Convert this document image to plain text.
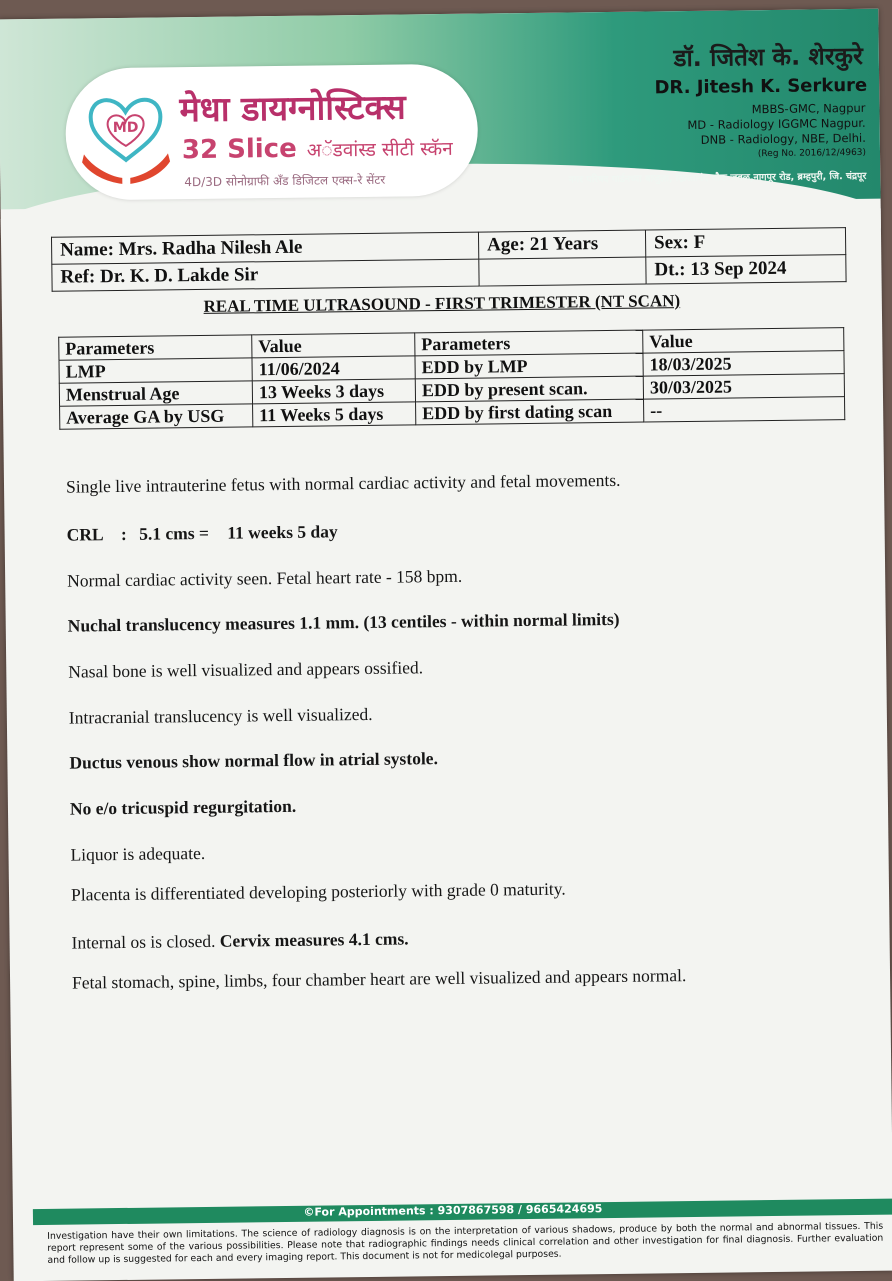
MD मेधा डायग्नोस्टिक्स
32 Slice अॅडवांस्ड सीटी स्कॅन
4D/3D सोनोग्राफी अँड डिजिटल एक्स-रे सेंटर
डॉ. जितेश के. शेरकुरे
DR. Jitesh K. Serkure
MBBS-GMC, Nagpur
MD - Radiology IGGMC Nagpur.
DNB - Radiology, NBE, Delhi.
(Reg No. 2016/12/4963)
नगर परिषद गार्डनच्या बाजुला, ख्रिस्तानंद चौक जवळ,नागपूर रोड, ब्रम्हपुरी, जि. चंद्रपूर
Name: Mrs. Radha Nilesh Ale	Age: 21 Years	Sex: F
Ref: Dr. K. D. Lakde Sir		Dt.: 13 Sep 2024
REAL TIME ULTRASOUND - FIRST TRIMESTER (NT SCAN)
Parameters	Value	Parameters	Value
LMP	11/06/2024	EDD by LMP	18/03/2025
Menstrual Age	13 Weeks 3 days	EDD by present scan.	30/03/2025
Average GA by USG	11 Weeks 5 days	EDD by first dating scan	--

Single live intrauterine fetus with normal cardiac activity and fetal movements.

CRL : 5.1 cms = 11 weeks 5 day

Normal cardiac activity seen. Fetal heart rate - 158 bpm.

Nuchal translucency measures 1.1 mm. (13 centiles - within normal limits)

Nasal bone is well visualized and appears ossified.

Intracranial translucency is well visualized.

Ductus venous show normal flow in atrial systole.

No e/o tricuspid regurgitation.

Liquor is adequate.

Placenta is differentiated developing posteriorly with grade 0 maturity.

Internal os is closed. Cervix measures 4.1 cms.

Fetal stomach, spine, limbs, four chamber heart are well visualized and appears normal.

©For Appointments : 9307867598 / 9665424695
Investigation have their own limitations. The science of radiology diagnosis is on the interpretation of various shadows, produce by both the normal and abnormal tissues. This report represent some of the various possibilities. Please note that radiographic findings needs clinical correlation and other investigation for final diagnosis. Further evaluation and follow up is suggested for each and every imaging report. This document is not for medicolegal purposes.
